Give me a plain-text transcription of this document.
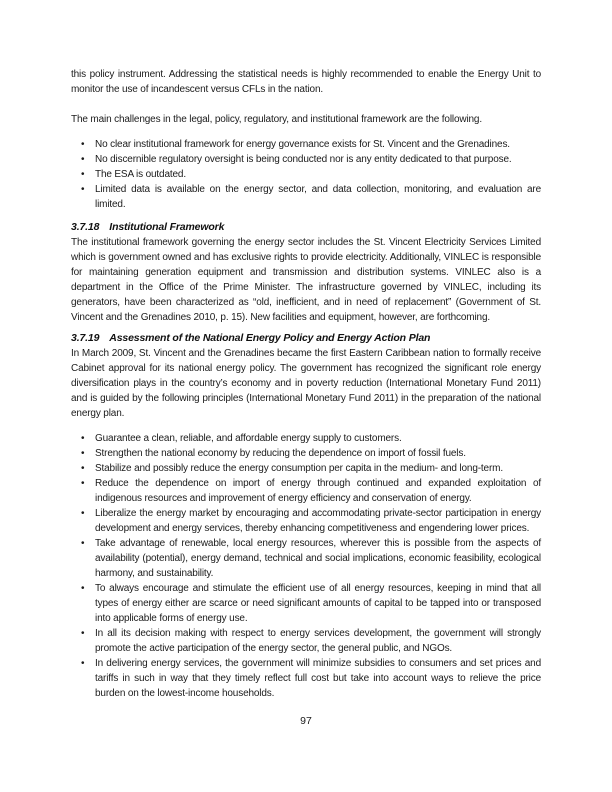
this policy instrument. Addressing the statistical needs is highly recommended to enable the Energy Unit to monitor the use of incandescent versus CFLs in the nation.

The main challenges in the legal, policy, regulatory, and institutional framework are the following.

• No clear institutional framework for energy governance exists for St. Vincent and the Grenadines.
• No discernible regulatory oversight is being conducted nor is any entity dedicated to that purpose.
• The ESA is outdated.
• Limited data is available on the energy sector, and data collection, monitoring, and evaluation are limited.
3.7.18 Institutional Framework

The institutional framework governing the energy sector includes the St. Vincent Electricity Services Limited which is government owned and has exclusive rights to provide electricity. Additionally, VINLEC is responsible for maintaining generation equipment and transmission and distribution systems. VINLEC also is a department in the Office of the Prime Minister. The infrastructure governed by VINLEC, including its generators, have been characterized as “old, inefficient, and in need of replacement” (Government of St. Vincent and the Grenadines 2010, p. 15). New facilities and equipment, however, are forthcoming.

3.7.19 Assessment of the National Energy Policy and Energy Action Plan

In March 2009, St. Vincent and the Grenadines became the first Eastern Caribbean nation to formally receive Cabinet approval for its national energy policy. The government has recognized the significant role energy diversification plays in the country’s economy and in poverty reduction (International Monetary Fund 2011) and is guided by the following principles (International Monetary Fund 2011) in the preparation of the national energy plan.

• Guarantee a clean, reliable, and affordable energy supply to customers.
• Strengthen the national economy by reducing the dependence on import of fossil fuels.
• Stabilize and possibly reduce the energy consumption per capita in the medium- and long-term.
• Reduce the dependence on import of energy through continued and expanded exploitation of indigenous resources and improvement of energy efficiency and conservation of energy.
• Liberalize the energy market by encouraging and accommodating private-sector participation in energy development and energy services, thereby enhancing competitiveness and engendering lower prices.
• Take advantage of renewable, local energy resources, wherever this is possible from the aspects of availability (potential), energy demand, technical and social implications, economic feasibility, ecological harmony, and sustainability.
• To always encourage and stimulate the efficient use of all energy resources, keeping in mind that all types of energy either are scarce or need significant amounts of capital to be tapped into or transposed into applicable forms of energy use.
• In all its decision making with respect to energy services development, the government will strongly promote the active participation of the energy sector, the general public, and NGOs.
• In delivering energy services, the government will minimize subsidies to consumers and set prices and tariffs in such in way that they timely reflect full cost but take into account ways to relieve the price burden on the lowest-income households.
97
